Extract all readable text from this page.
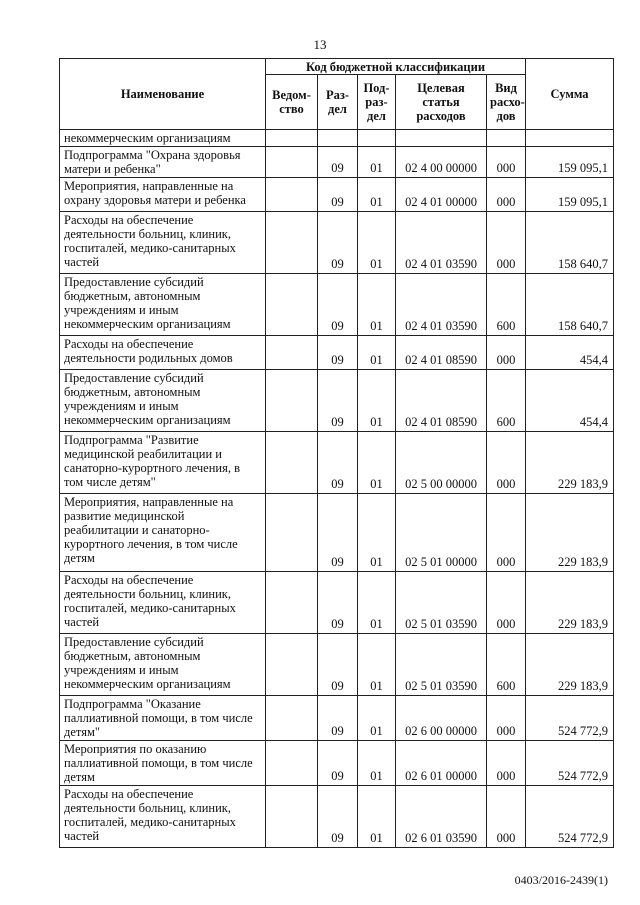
13
Наименование	Код бюджетной классификации					Сумма
	Ведом-ство	Раз-дел	Под-раз-дел	Целевая статья расходов	Вид расхо-дов	
некоммерческим организациям						
Подпрограмма "Охрана здоровья матери и ребенка"		09	01	02 4 00 00000	000	159 095,1
Мероприятия, направленные на охрану здоровья матери и ребенка		09	01	02 4 01 00000	000	159 095,1
Расходы на обеспечение деятельности больниц, клиник, госпиталей, медико-санитарных частей		09	01	02 4 01 03590	000	158 640,7
Предоставление субсидий бюджетным, автономным учреждениям и иным некоммерческим организациям		09	01	02 4 01 03590	600	158 640,7
Расходы на обеспечение деятельности родильных домов		09	01	02 4 01 08590	000	454,4
Предоставление субсидий бюджетным, автономным учреждениям и иным некоммерческим организациям		09	01	02 4 01 08590	600	454,4
Подпрограмма "Развитие медицинской реабилитации и санаторно-курортного лечения, в том числе детям"		09	01	02 5 00 00000	000	229 183,9
Мероприятия, направленные на развитие медицинской реабилитации и санаторно-курортного лечения, в том числе детям		09	01	02 5 01 00000	000	229 183,9
Расходы на обеспечение деятельности больниц, клиник, госпиталей, медико-санитарных частей		09	01	02 5 01 03590	000	229 183,9
Предоставление субсидий бюджетным, автономным учреждениям и иным некоммерческим организациям		09	01	02 5 01 03590	600	229 183,9
Подпрограмма "Оказание паллиативной помощи, в том числе детям"		09	01	02 6 00 00000	000	524 772,9
Мероприятия по оказанию паллиативной помощи, в том числе детям		09	01	02 6 01 00000	000	524 772,9
Расходы на обеспечение деятельности больниц, клиник, госпиталей, медико-санитарных частей		09	01	02 6 01 03590	000	524 772,9
0403/2016-2439(1)
